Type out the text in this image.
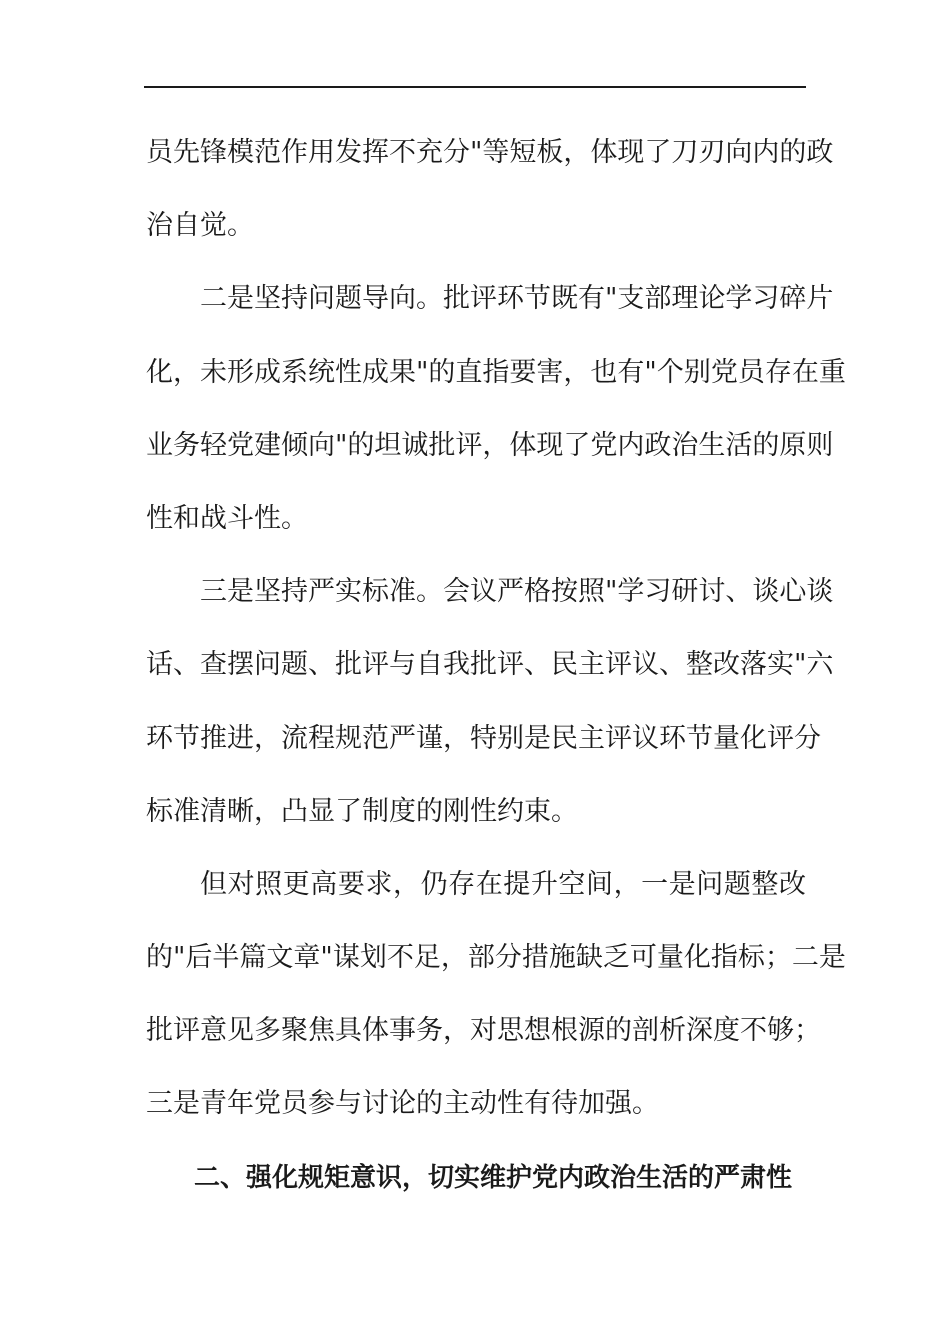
员先锋模范作用发挥不充分"等短板，体现了刀刃向内的政
治自觉。
二是坚持问题导向。批评环节既有"支部理论学习碎片
化，未形成系统性成果"的直指要害，也有"个别党员存在重
业务轻党建倾向"的坦诚批评，体现了党内政治生活的原则
性和战斗性。
三是坚持严实标准。会议严格按照"学习研讨、谈心谈
话、查摆问题、批评与自我批评、民主评议、整改落实"六
环节推进，流程规范严谨，特别是民主评议环节量化评分
标准清晰，凸显了制度的刚性约束。
但对照更高要求，仍存在提升空间，一是问题整改
的"后半篇文章"谋划不足，部分措施缺乏可量化指标；二是
批评意见多聚焦具体事务，对思想根源的剖析深度不够；
三是青年党员参与讨论的主动性有待加强。
二、强化规矩意识，切实维护党内政治生活的严肃性
